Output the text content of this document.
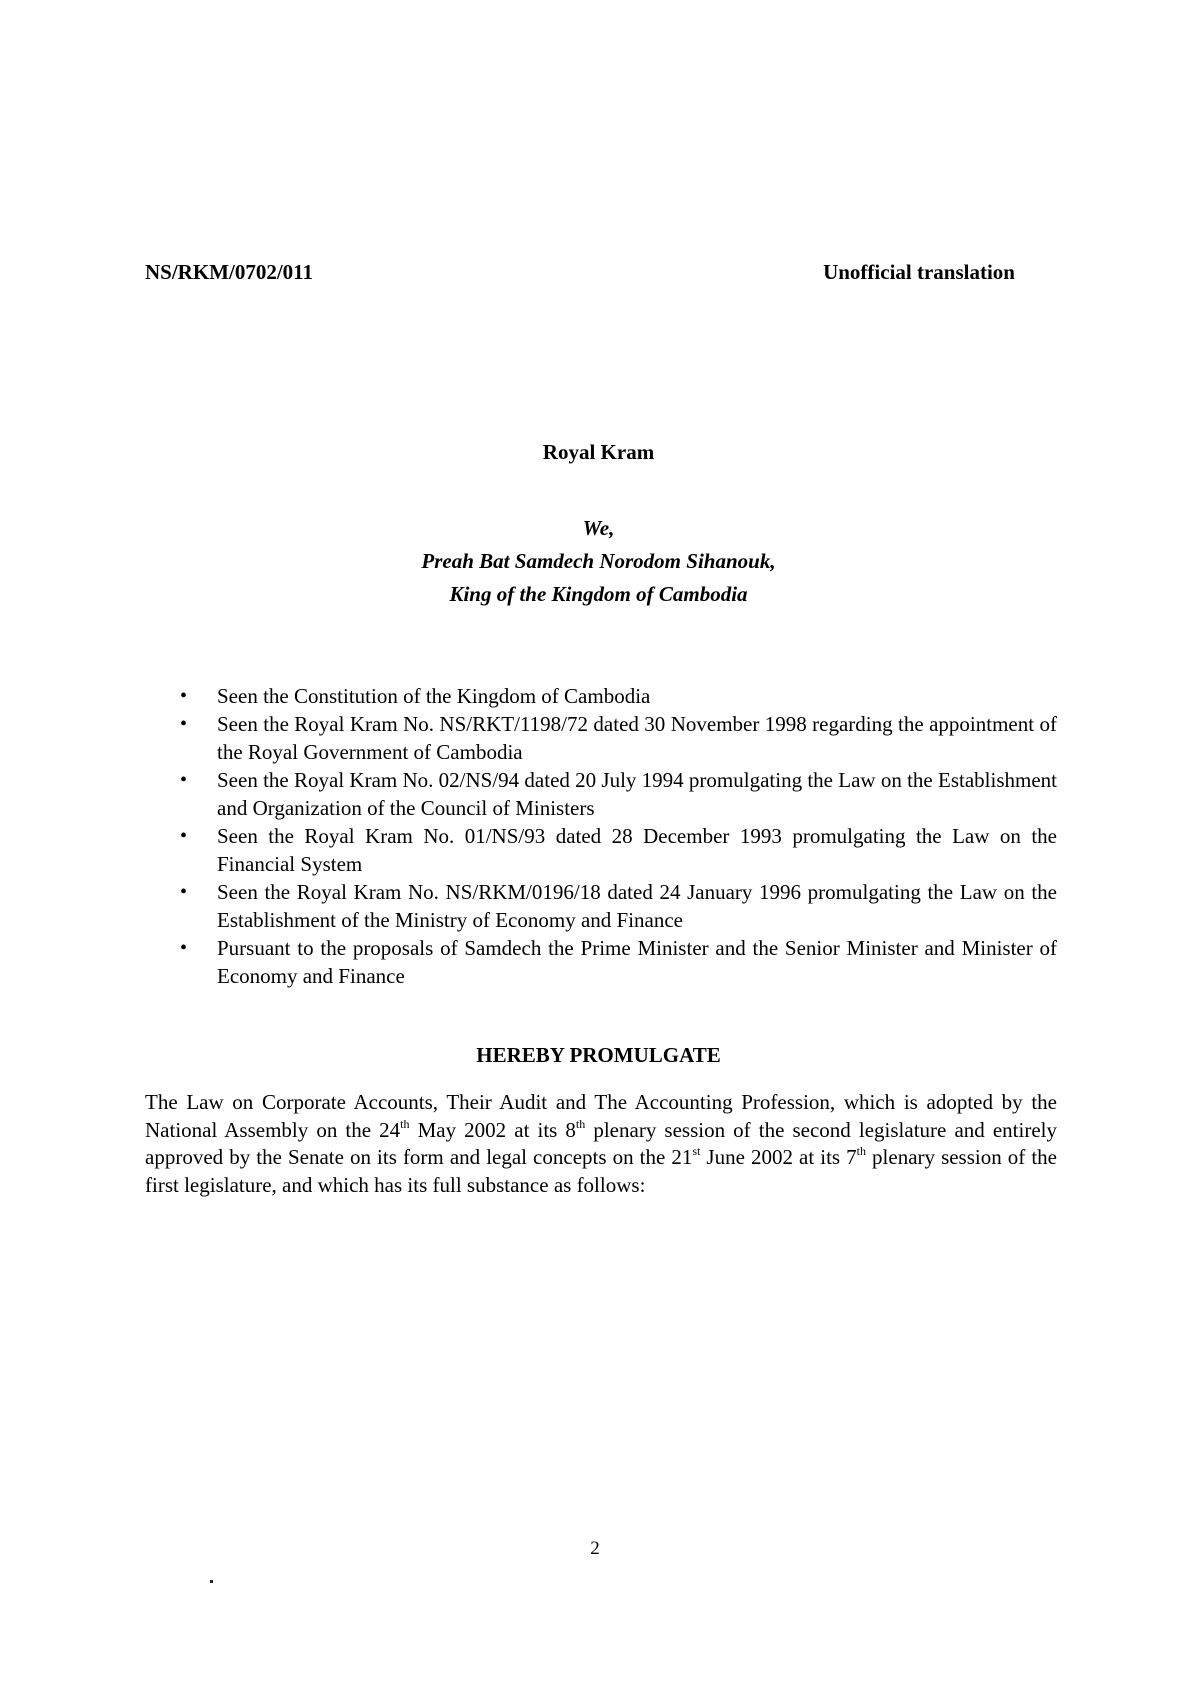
NS/RKM/0702/011	Unofficial translation
Royal Kram
We,
Preah Bat Samdech Norodom Sihanouk,
King of the Kingdom of Cambodia
• Seen the Constitution of the Kingdom of Cambodia
• Seen the Royal Kram No. NS/RKT/1198/72 dated 30 November 1998 regarding the appointment of the Royal Government of Cambodia
• Seen the Royal Kram No. 02/NS/94 dated 20 July 1994 promulgating the Law on the Establishment and Organization of the Council of Ministers
• Seen the Royal Kram No. 01/NS/93 dated 28 December 1993 promulgating the Law on the Financial System
• Seen the Royal Kram No. NS/RKM/0196/18 dated 24 January 1996 promulgating the Law on the Establishment of the Ministry of Economy and Finance
• Pursuant to the proposals of Samdech the Prime Minister and the Senior Minister and Minister of Economy and Finance
HEREBY PROMULGATE

The Law on Corporate Accounts, Their Audit and The Accounting Profession, which is adopted by the National Assembly on the 24th May 2002 at its 8th plenary session of the second legislature and entirely approved by the Senate on its form and legal concepts on the 21st June 2002 at its 7th plenary session of the first legislature, and which has its full substance as follows:

2
